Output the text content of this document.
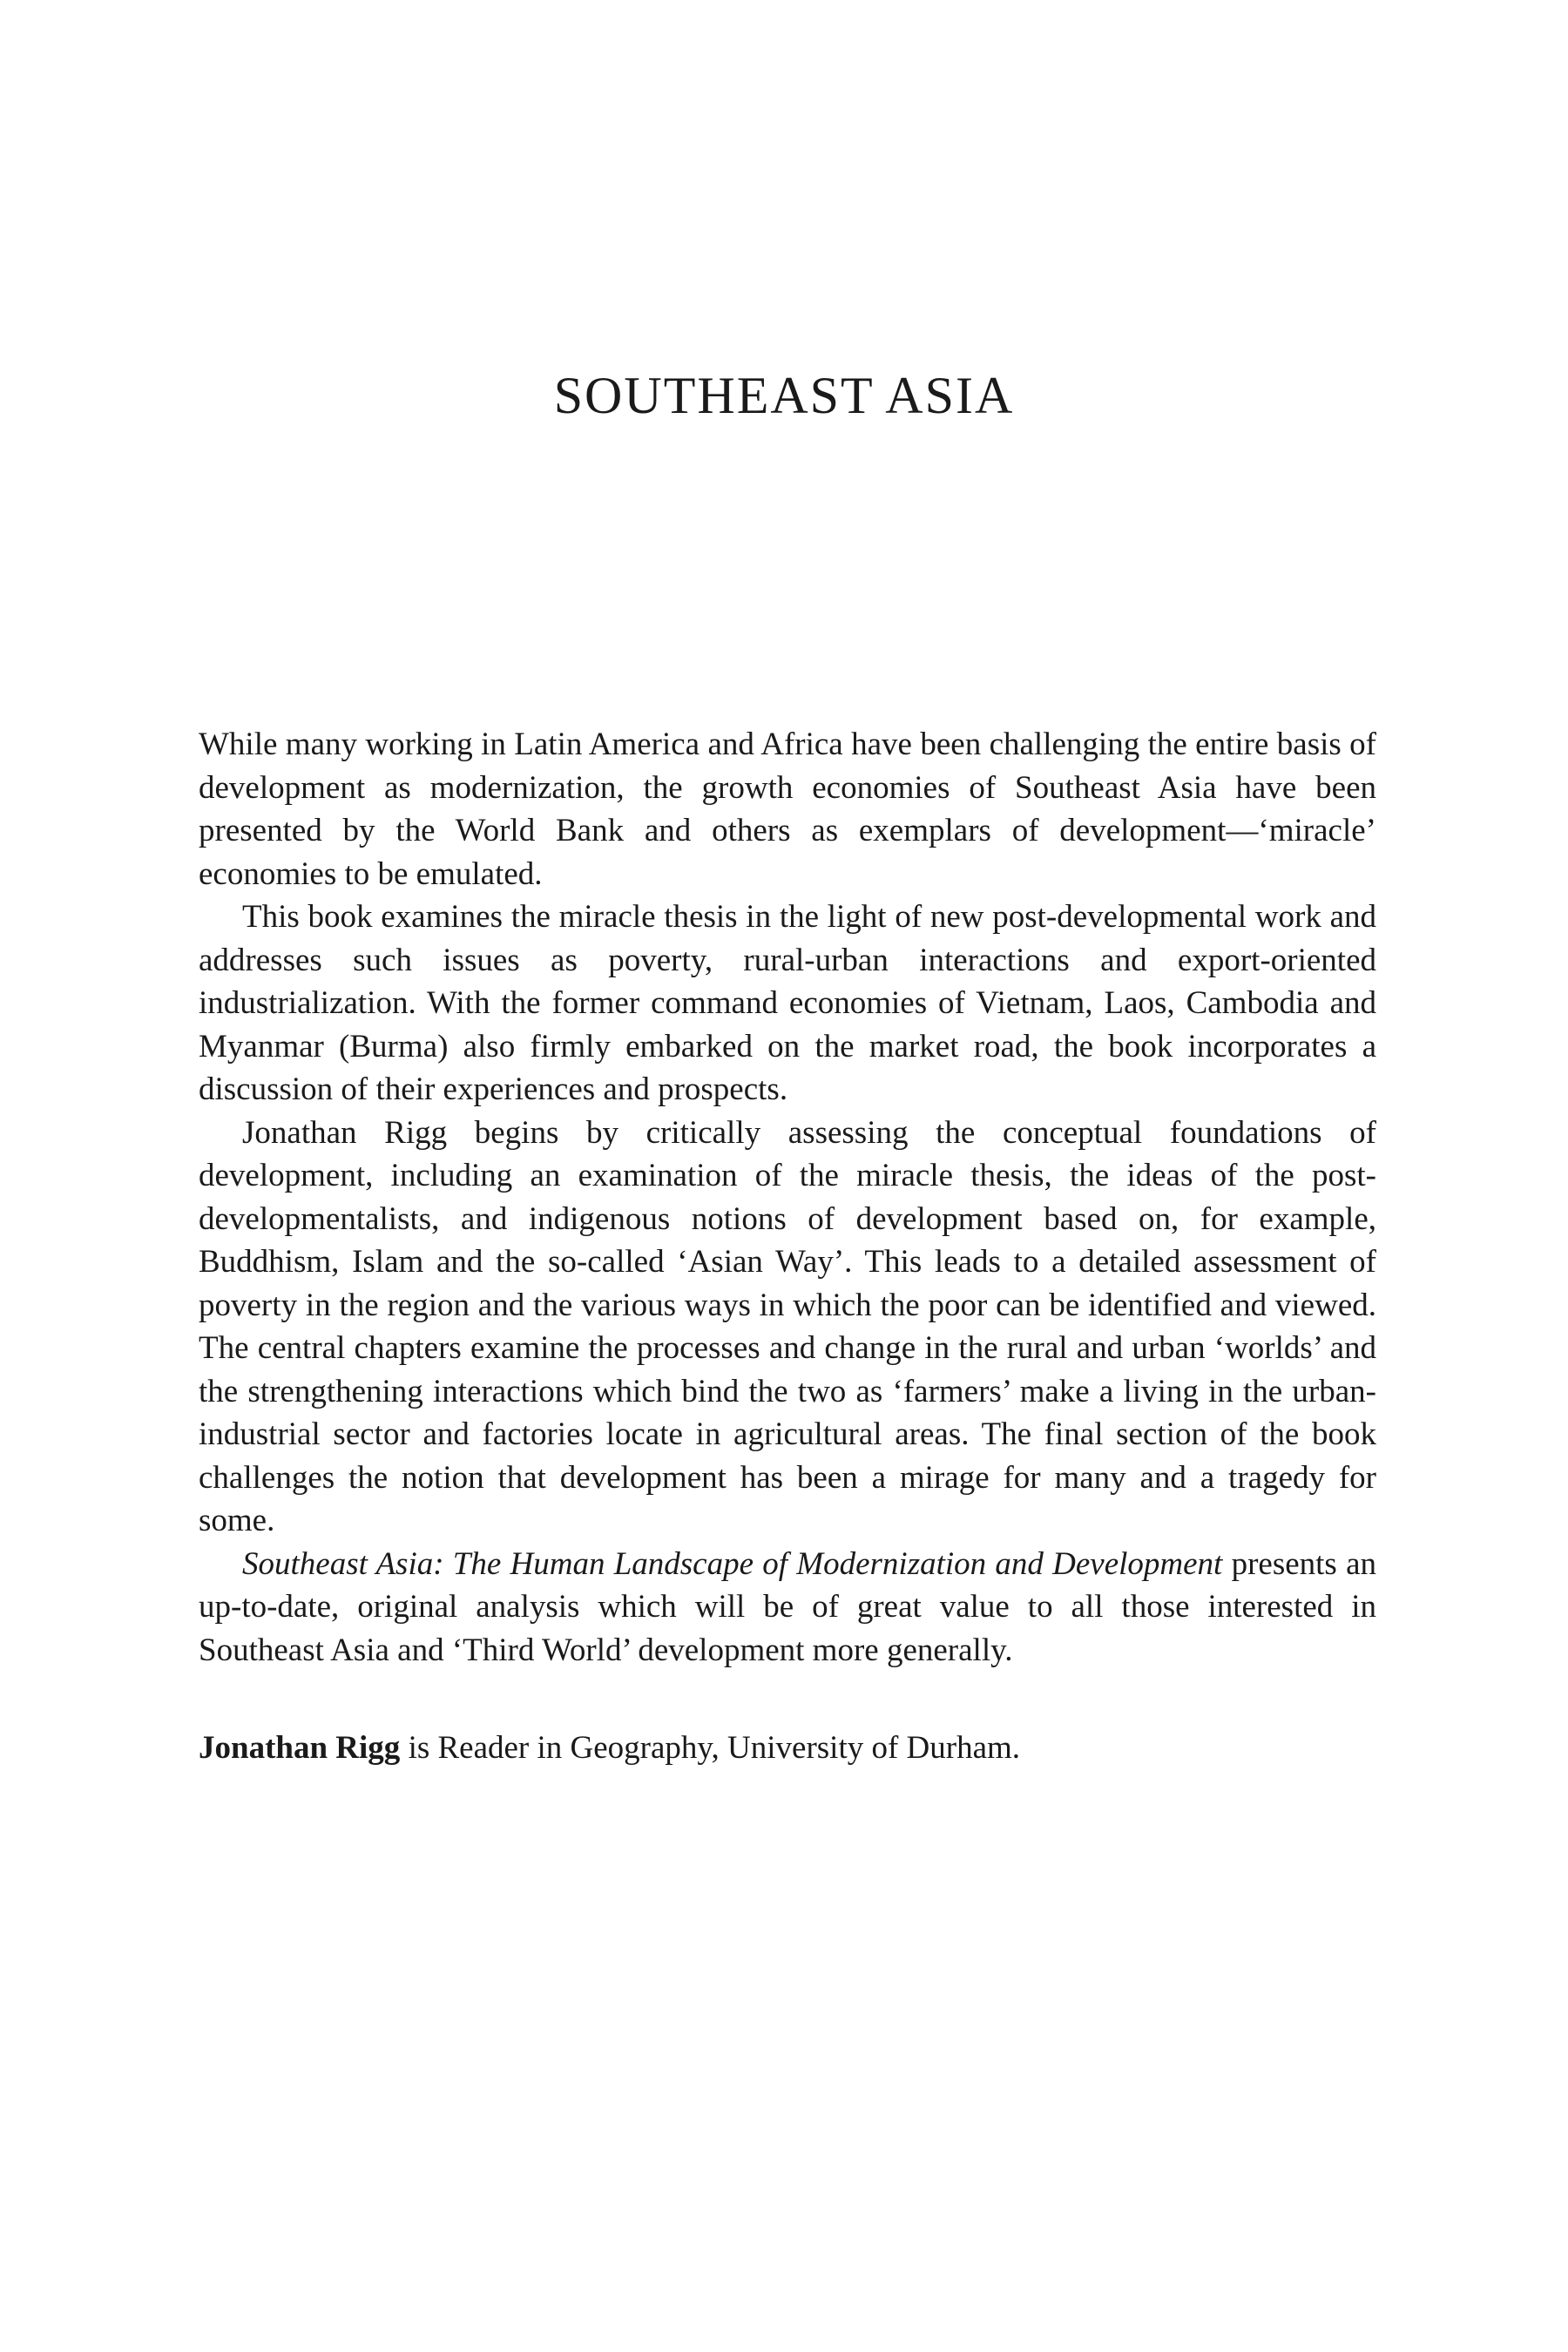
SOUTHEAST ASIA

While many working in Latin America and Africa have been challenging the entire basis of development as modernization, the growth economies of Southeast Asia have been presented by the World Bank and others as exemplars of development—‘miracle’ economies to be emulated.

This book examines the miracle thesis in the light of new post-developmental work and addresses such issues as poverty, rural-urban interactions and export-oriented industrialization. With the former command economies of Vietnam, Laos, Cambodia and Myanmar (Burma) also firmly embarked on the market road, the book incorporates a discussion of their experiences and prospects.

Jonathan Rigg begins by critically assessing the conceptual foundations of development, including an examination of the miracle thesis, the ideas of the post-developmentalists, and indigenous notions of development based on, for example, Buddhism, Islam and the so-called ‘Asian Way’. This leads to a detailed assessment of poverty in the region and the various ways in which the poor can be identified and viewed. The central chapters examine the processes and change in the rural and urban ‘worlds’ and the strengthening interactions which bind the two as ‘farmers’ make a living in the urban-industrial sector and factories locate in agricultural areas. The final section of the book challenges the notion that development has been a mirage for many and a tragedy for some.

Southeast Asia: The Human Landscape of Modernization and Development presents an up-to-date, original analysis which will be of great value to all those interested in Southeast Asia and ‘Third World’ development more generally.

Jonathan Rigg is Reader in Geography, University of Durham.
